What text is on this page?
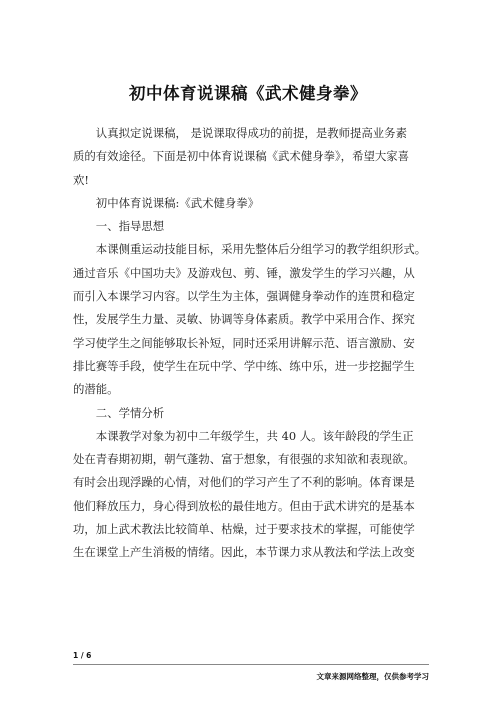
初中体育说课稿《武术健身拳》

认真拟定说课稿， 是说课取得成功的前提，是教师提高业务素

质的有效途径。下面是初中体育说课稿《武术健身拳》，希望大家喜

欢!

初中体育说课稿:《武术健身拳》

一、指导思想

本课侧重运动技能目标，采用先整体后分组学习的教学组织形式。

通过音乐《中国功夫》及游戏包、剪、锤，激发学生的学习兴趣，从

而引入本课学习内容。以学生为主体，强调健身拳动作的连贯和稳定

性，发展学生力量、灵敏、协调等身体素质。教学中采用合作、探究

学习使学生之间能够取长补短，同时还采用讲解示范、语言激励、安

排比赛等手段，使学生在玩中学、学中练、练中乐，进一步挖掘学生

的潜能。

二、学情分析

本课教学对象为初中二年级学生，共 40 人。该年龄段的学生正

处在青春期初期，朝气蓬勃、富于想象，有很强的求知欲和表现欲。

有时会出现浮躁的心情，对他们的学习产生了不利的影响。体育课是

他们释放压力，身心得到放松的最佳地方。但由于武术讲究的是基本

功，加上武术教法比较简单、枯燥，过于要求技术的掌握，可能使学

生在课堂上产生消极的情绪。因此，本节课力求从教法和学法上改变

1 / 6
文章来源网络整理，仅供参考学习
